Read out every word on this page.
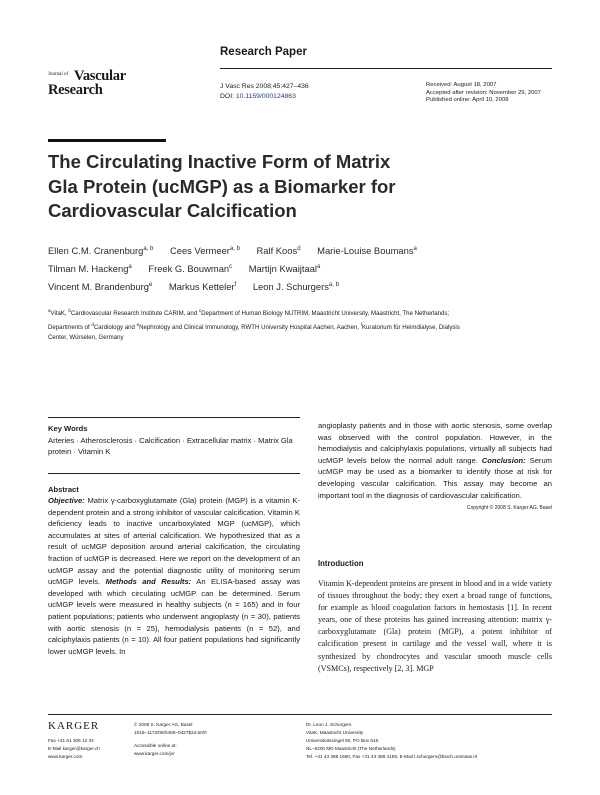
Research Paper
Journal of Vascular
Research	J Vasc Res 2008;45:427–436
DOI: 10.1159/000124863
Received: August 18, 2007
Accepted after revision: November 29, 2007
Published online: April 10, 2008
The Circulating Inactive Form of Matrix
Gla Protein (ucMGP) as a Biomarker for
Cardiovascular Calcification
Ellen C.M. Cranenburg$^{a, b}$ Cees Vermeer$^{a, b}$ Ralf Koos$^d$ Marie-Louise Boumans$^a$
Tilman M. Hackeng$^a$ Freek G. Bouwman$^c$ Martijn Kwaijtaal$^a$
Vincent M. Brandenburg$^e$ Markus Ketteler$^f$ Leon J. Schurgers$^{a, b}$
$^a$VitaK, $^b$Cardiovascular Research Institute CARIM, and $^c$Department of Human Biology NUTRIM, Maastricht University, Maastricht, The Netherlands; Departments of $^d$Cardiology and $^e$Nephrology and Clinical Immunology, RWTH University Hospital Aachen, Aachen, $^f$Kuratorium für Heimdialyse, Dialysis Center, Würselen, Germany
Key Words
Arteries · Atherosclerosis · Calcification · Extracellular matrix · Matrix Gla protein · Vitamin K
Abstract
Objective: Matrix γ-carboxyglutamate (Gla) protein (MGP) is a vitamin K-dependent protein and a strong inhibitor of vascular calcification. Vitamin K deficiency leads to inactive uncarboxylated MGP (ucMGP), which accumulates at sites of arterial calcification. We hypothesized that as a result of ucMGP deposition around arterial calcification, the circulating fraction of ucMGP is decreased. Here we report on the development of an ucMGP assay and the potential diagnostic utility of monitoring serum ucMGP levels. Methods and Results: An ELISA-based assay was developed with which circulating ucMGP can be determined. Serum ucMGP levels were measured in healthy subjects (n = 165) and in four patient populations; patients who underwent angioplasty (n = 30), patients with aortic stenosis (n = 25), hemodialysis patients (n = 52), and calciphylaxis patients (n = 10). All four patient populations had significantly lower ucMGP levels. In
angioplasty patients and in those with aortic stenosis, some overlap was observed with the control population. However, in the hemodialysis and calciphylaxis populations, virtually all subjects had ucMGP levels below the normal adult range. Conclusion: Serum ucMGP may be used as a biomarker to identify those at risk for developing vascular calcification. This assay may become an important tool in the diagnosis of cardiovascular calcification.
Copyright © 2008 S. Karger AG, Basel
Introduction
Vitamin K-dependent proteins are present in blood and in a wide variety of tissues throughout the body; they exert a broad range of functions, for example as blood coagulation factors in hemostasis [1]. In recent years, one of these proteins has gained increasing attention: matrix γ-carboxyglutamate (Gla) protein (MGP), a potent inhibitor of calcification present in cartilage and the vessel wall, where it is synthesized by chondrocytes and vascular smooth muscle cells (VSMCs), respectively [2, 3]. MGP
KARGER
Fax +41 61 306 12 34
E-Mail karger@karger.ch
www.karger.com
© 2008 S. Karger AG, Basel
1018–1172/08/0455–0427$24.50/0
Accessible online at:
www.karger.com/jvr
Dr. Leon J. Schurgers
VitaK, Maastricht University
Universiteitssingel 50, PO Box 616
NL–6200 MD Maastricht (The Netherlands)
Tel. +31 43 388 1680, Fax +31 43 388 4159, E-Mail l.schurgers@bioch.unimaas.nl
